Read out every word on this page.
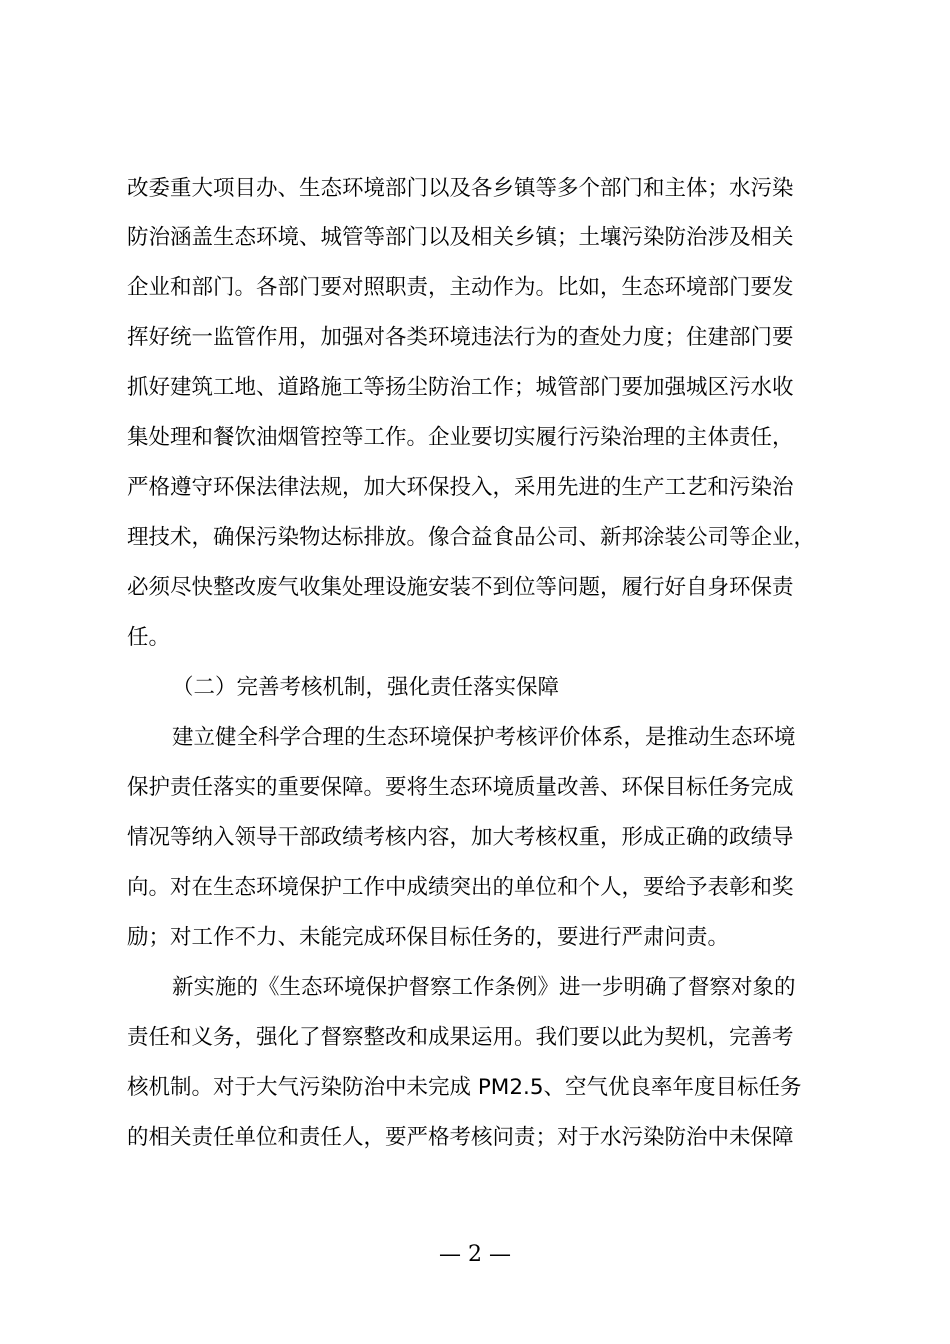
改委重大项目办、生态环境部门以及各乡镇等多个部门和主体；水污染
防治涵盖生态环境、城管等部门以及相关乡镇；土壤污染防治涉及相关
企业和部门。各部门要对照职责，主动作为。比如，生态环境部门要发
挥好统一监管作用，加强对各类环境违法行为的查处力度；住建部门要
抓好建筑工地、道路施工等扬尘防治工作；城管部门要加强城区污水收
集处理和餐饮油烟管控等工作。企业要切实履行污染治理的主体责任，
严格遵守环保法律法规，加大环保投入，采用先进的生产工艺和污染治
理技术，确保污染物达标排放。像合益食品公司、新邦涂装公司等企业，
必须尽快整改废气收集处理设施安装不到位等问题，履行好自身环保责
任。
（二）完善考核机制，强化责任落实保障
建立健全科学合理的生态环境保护考核评价体系，是推动生态环境
保护责任落实的重要保障。要将生态环境质量改善、环保目标任务完成
情况等纳入领导干部政绩考核内容，加大考核权重，形成正确的政绩导
向。对在生态环境保护工作中成绩突出的单位和个人，要给予表彰和奖
励；对工作不力、未能完成环保目标任务的，要进行严肃问责。
新实施的《生态环境保护督察工作条例》进一步明确了督察对象的
责任和义务，强化了督察整改和成果运用。我们要以此为契机，完善考
核机制。对于大气污染防治中未完成 PM2.5、空气优良率年度目标任务
的相关责任单位和责任人，要严格考核问责；对于水污染防治中未保障
— 2 —
